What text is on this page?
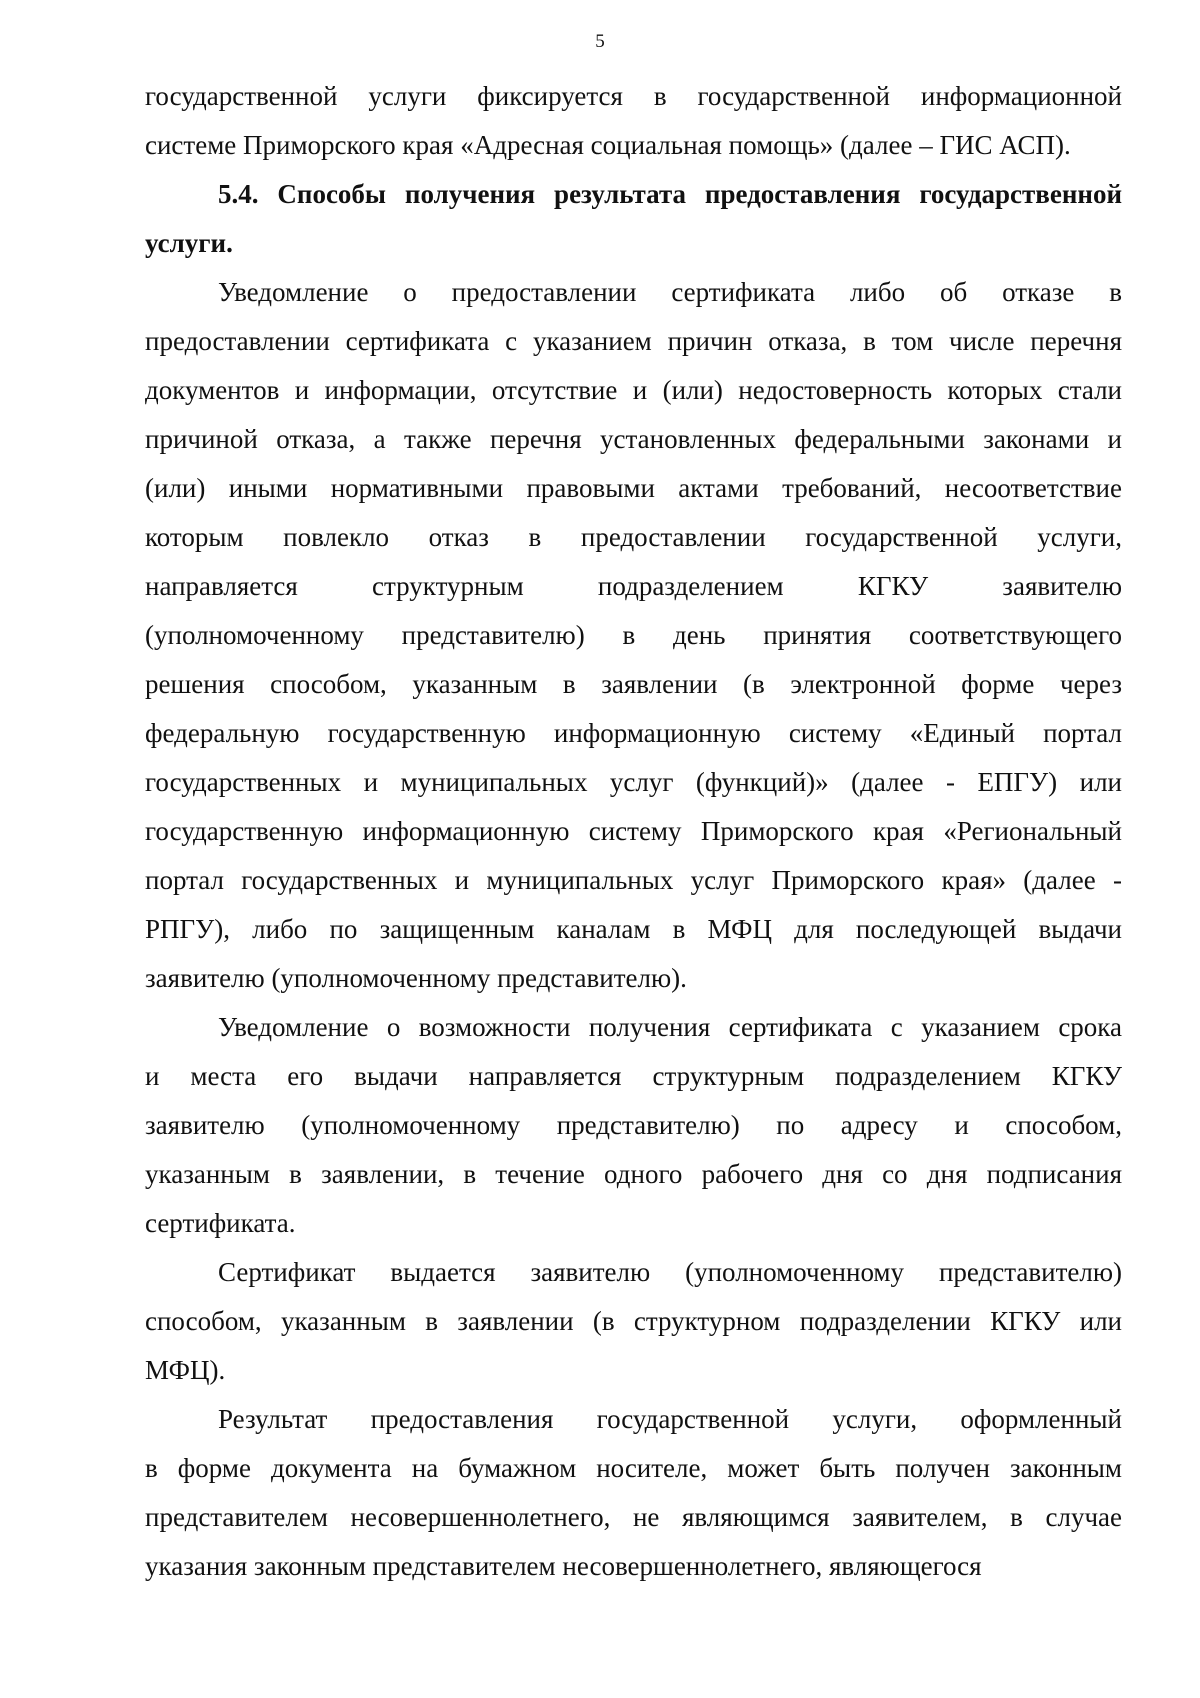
5
государственной услуги фиксируется в государственной информационной
системе Приморского края «Адресная социальная помощь» (далее – ГИС АСП).
5.4. Способы получения результата предоставления государственной
услуги.
Уведомление о предоставлении сертификата либо об отказе в
предоставлении сертификата с указанием причин отказа, в том числе перечня
документов и информации, отсутствие и (или) недостоверность которых стали
причиной отказа, а также перечня установленных федеральными законами и
(или) иными нормативными правовыми актами требований, несоответствие
которым повлекло отказ в предоставлении государственной услуги,
направляется структурным подразделением КГКУ заявителю
(уполномоченному представителю) в день принятия соответствующего
решения способом, указанным в заявлении (в электронной форме через
федеральную государственную информационную систему «Единый портал
государственных и муниципальных услуг (функций)» (далее - ЕПГУ) или
государственную информационную систему Приморского края «Региональный
портал государственных и муниципальных услуг Приморского края» (далее -
РПГУ), либо по защищенным каналам в МФЦ для последующей выдачи
заявителю (уполномоченному представителю).
Уведомление о возможности получения сертификата с указанием срока
и места его выдачи направляется структурным подразделением КГКУ
заявителю (уполномоченному представителю) по адресу и способом,
указанным в заявлении, в течение одного рабочего дня со дня подписания
сертификата.
Сертификат выдается заявителю (уполномоченному представителю)
способом, указанным в заявлении (в структурном подразделении КГКУ или
МФЦ).
Результат предоставления государственной услуги, оформленный
в форме документа на бумажном носителе, может быть получен законным
представителем несовершеннолетнего, не являющимся заявителем, в случае
указания законным представителем несовершеннолетнего, являющегося
